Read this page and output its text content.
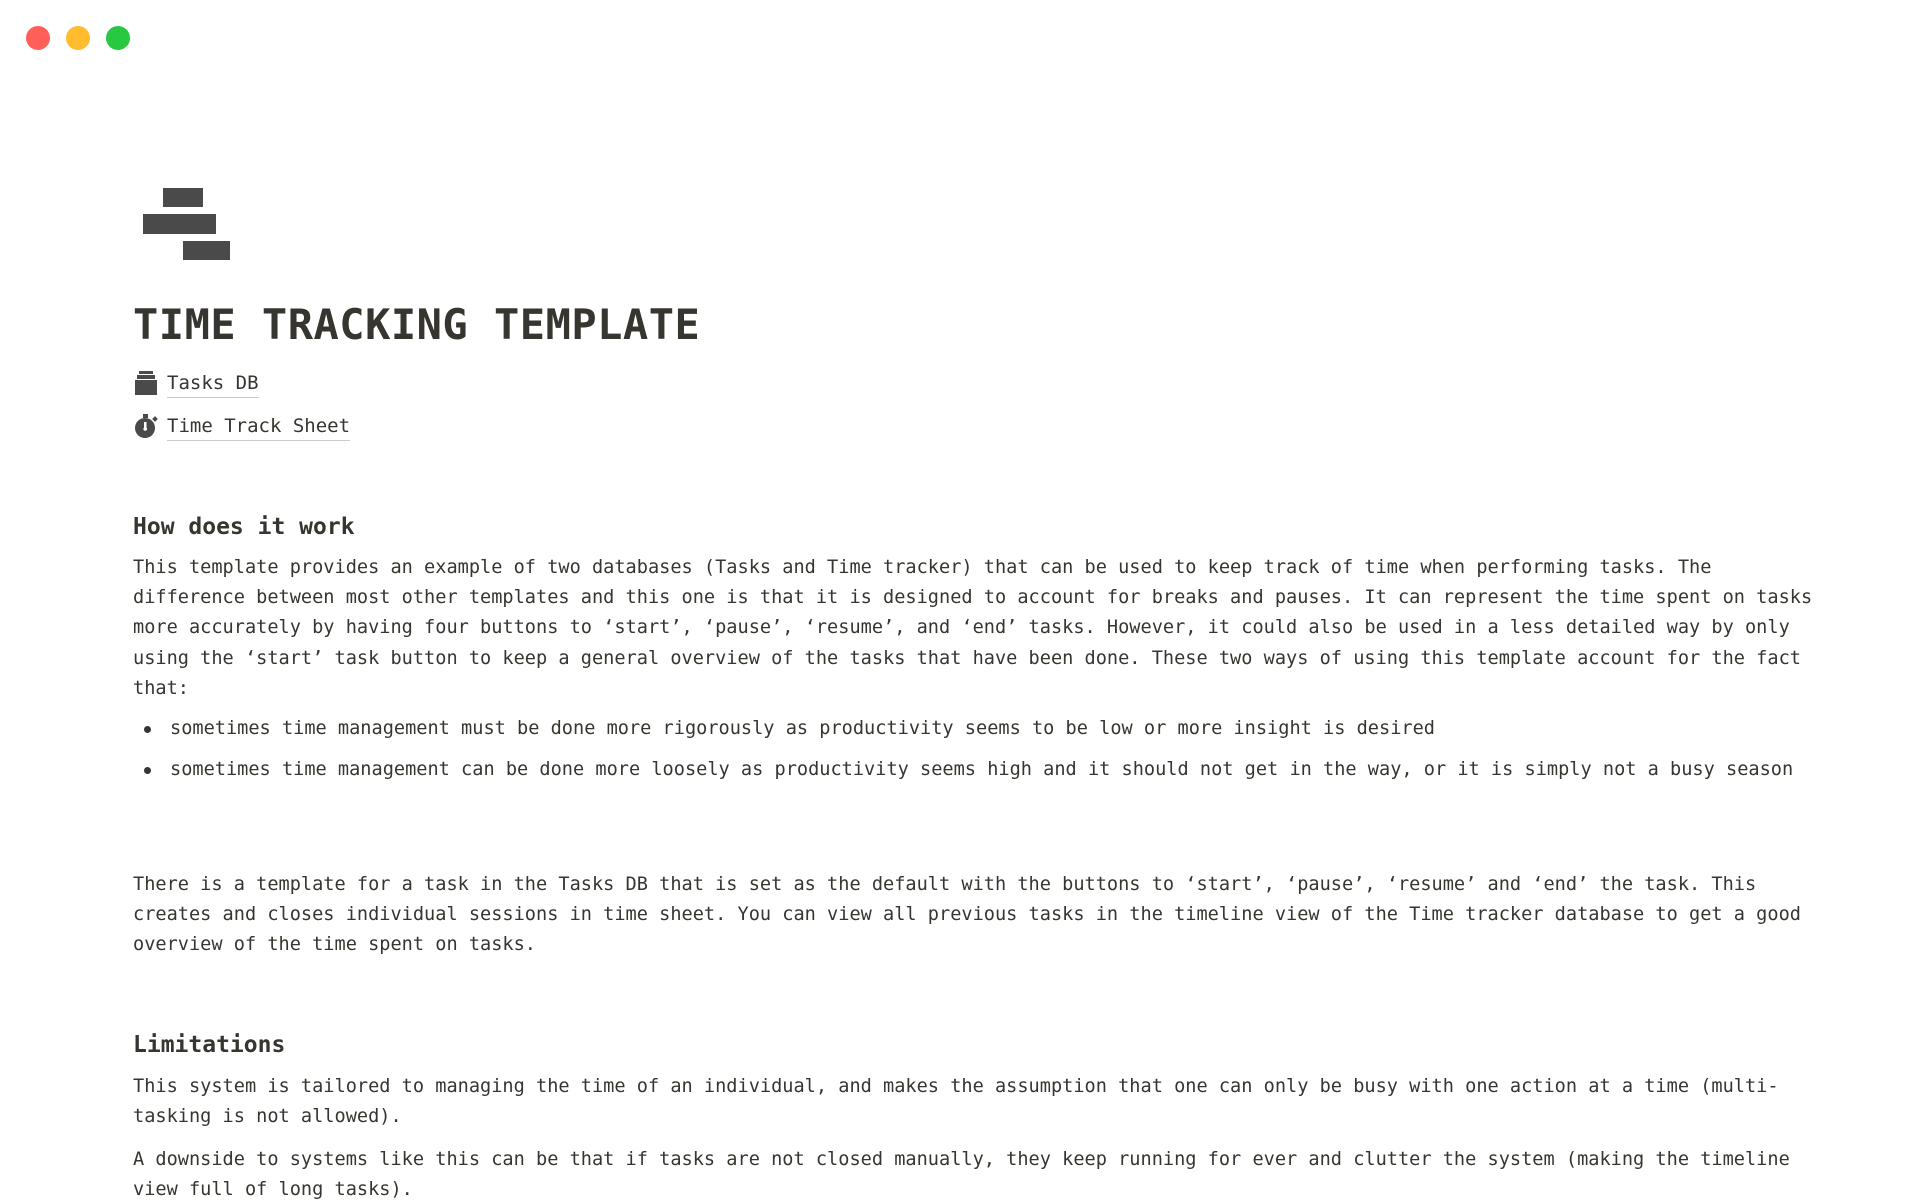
TIME TRACKING TEMPLATE
Tasks DB
Time Track Sheet
How does it work

This template provides an example of two databases (Tasks and Time tracker) that can be used to keep track of time when performing tasks. The difference between most other templates and this one is that it is designed to account for breaks and pauses. It can represent the time spent on tasks more accurately by having four buttons to ‘start’, ‘pause’, ‘resume’, and ‘end’ tasks. However, it could also be used in a less detailed way by only using the ‘start’ task button to keep a general overview of the tasks that have been done. These two ways of using this template account for the fact that:

sometimes time management must be done more rigorously as productivity seems to be low or more insight is desired
sometimes time management can be done more loosely as productivity seems high and it should not get in the way, or it is simply not a busy season

There is a template for a task in the Tasks DB that is set as the default with the buttons to ‘start’, ‘pause’, ‘resume’ and ‘end’ the task. This creates and closes individual sessions in time sheet. You can view all previous tasks in the timeline view of the Time tracker database to get a good overview of the time spent on tasks.

Limitations

This system is tailored to managing the time of an individual, and makes the assumption that one can only be busy with one action at a time (multi-tasking is not allowed).

A downside to systems like this can be that if tasks are not closed manually, they keep running for ever and clutter the system (making the timeline view full of long tasks).
